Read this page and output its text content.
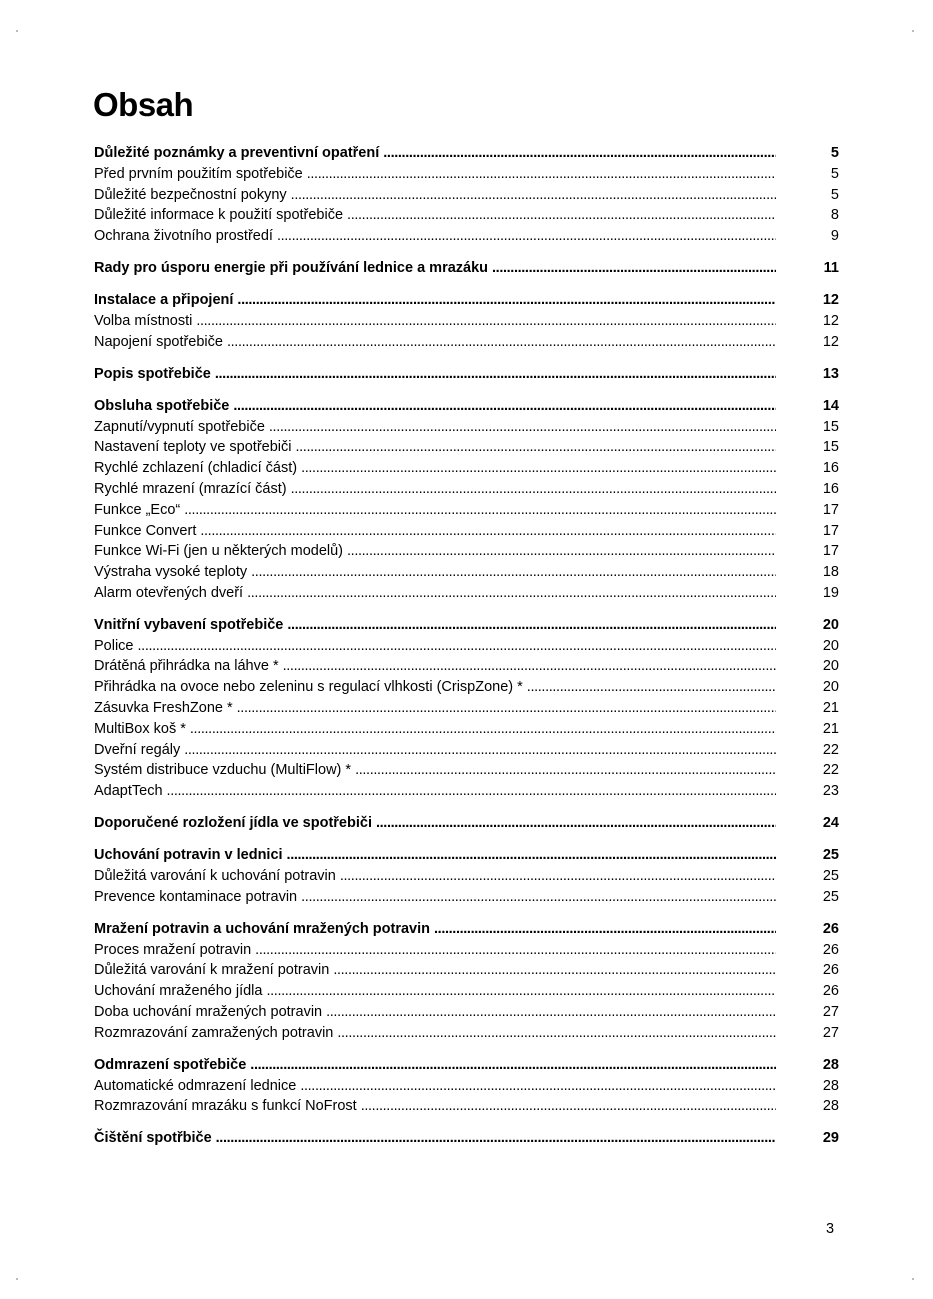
Obsah
Důležité poznámky a preventivní opatření . . .	5
Před prvním použitím spotřebiče . . .	5
Důležité bezpečnostní pokyny . . .	5
Důležité informace k použití spotřebiče . . .	8
Ochrana životního prostředí . . .	9
Rady pro úsporu energie při používání lednice a mrazáku . . .	11
Instalace a připojení . . .	12
Volba místnosti . . .	12
Napojení spotřebiče . . .	12
Popis spotřebiče . . .	13
Obsluha spotřebiče . . .	14
Zapnutí/vypnutí spotřebiče . . .	15
Nastavení teploty ve spotřebiči . . .	15
Rychlé zchlazení (chladicí část) . . .	16
Rychlé mrazení (mrazící část) . . .	16
Funkce „Eco“ . . .	17
Funkce Convert . . .	17
Funkce Wi-Fi (jen u některých modelů) . . .	17
Výstraha vysoké teploty . . .	18
Alarm otevřených dveří . . .	19
Vnitřní vybavení spotřebiče . . .	20
Police . . .	20
Drátěná přihrádka na láhve * . . .	20
Přihrádka na ovoce nebo zeleninu s regulací vlhkosti (CrispZone) * . . .	20
Zásuvka FreshZone * . . .	21
MultiBox koš * . . .	21
Dveřní regály . . .	22
Systém distribuce vzduchu (MultiFlow) * . . .	22
AdaptTech . . .	23
Doporučené rozložení jídla ve spotřebiči . . .	24
Uchování potravin v lednici . . .	25
Důležitá varování k uchování potravin . . .	25
Prevence kontaminace potravin . . .	25
Mražení potravin a uchování mražených potravin . . .	26
Proces mražení potravin . . .	26
Důležitá varování k mražení potravin . . .	26
Uchování mraženého jídla . . .	26
Doba uchování mražených potravin . . .	27
Rozmrazování zamražených potravin . . .	27
Odmrazení spotřebiče . . .	28
Automatické odmrazení lednice . . .	28
Rozmrazování mrazáku s funkcí NoFrost . . .	28
Čištění spotřbiče . . .	29
3
